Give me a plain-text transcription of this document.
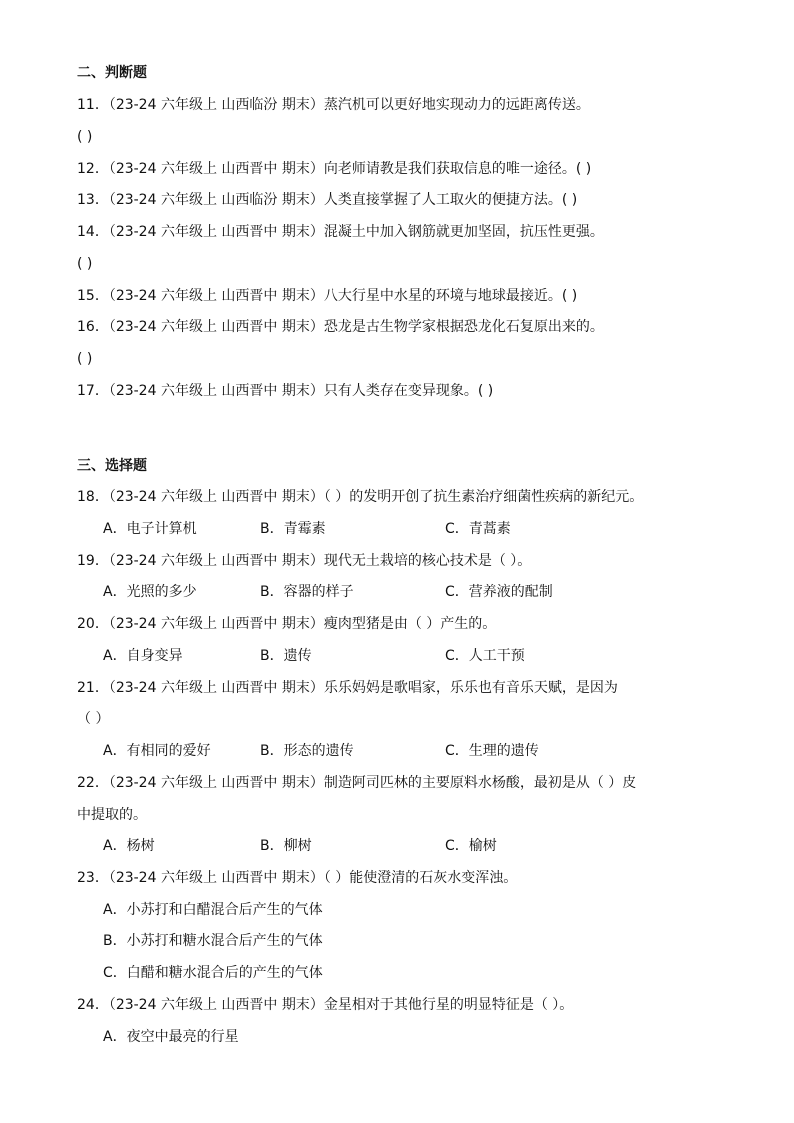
二、判断题
11．（23-24 六年级上 山西临汾 期末）蒸汽机可以更好地实现动力的远距离传送。
( )
12．（23-24 六年级上 山西晋中 期末）向老师请教是我们获取信息的唯一途径。( )
13．（23-24 六年级上 山西临汾 期末）人类直接掌握了人工取火的便捷方法。( )
14．（23-24 六年级上 山西晋中 期末）混凝土中加入钢筋就更加坚固，抗压性更强。
( )
15．（23-24 六年级上 山西晋中 期末）八大行星中水星的环境与地球最接近。( )
16．（23-24 六年级上 山西晋中 期末）恐龙是古生物学家根据恐龙化石复原出来的。
( )
17．（23-24 六年级上 山西晋中 期末）只有人类存在变异现象。( )
三、选择题
18．（23-24 六年级上 山西晋中 期末）（ ）的发明开创了抗生素治疗细菌性疾病的新纪元。
A．电子计算机	B．青霉素	C．青蒿素
19．（23-24 六年级上 山西晋中 期末）现代无土栽培的核心技术是（ ）。
A．光照的多少	B．容器的样子	C．营养液的配制
20．（23-24 六年级上 山西晋中 期末）瘦肉型猪是由（ ）产生的。
A．自身变异	B．遗传	C．人工干预
21．（23-24 六年级上 山西晋中 期末）乐乐妈妈是歌唱家，乐乐也有音乐天赋，是因为
（ ）
A．有相同的爱好	B．形态的遗传	C．生理的遗传
22．（23-24 六年级上 山西晋中 期末）制造阿司匹林的主要原料水杨酸，最初是从（ ）皮
中提取的。
A．杨树	B．柳树	C．榆树
23．（23-24 六年级上 山西晋中 期末）（ ）能使澄清的石灰水变浑浊。
A．小苏打和白醋混合后产生的气体
B．小苏打和糖水混合后产生的气体
C．白醋和糖水混合后的产生的气体
24．（23-24 六年级上 山西晋中 期末）金星相对于其他行星的明显特征是（ ）。
A．夜空中最亮的行星
